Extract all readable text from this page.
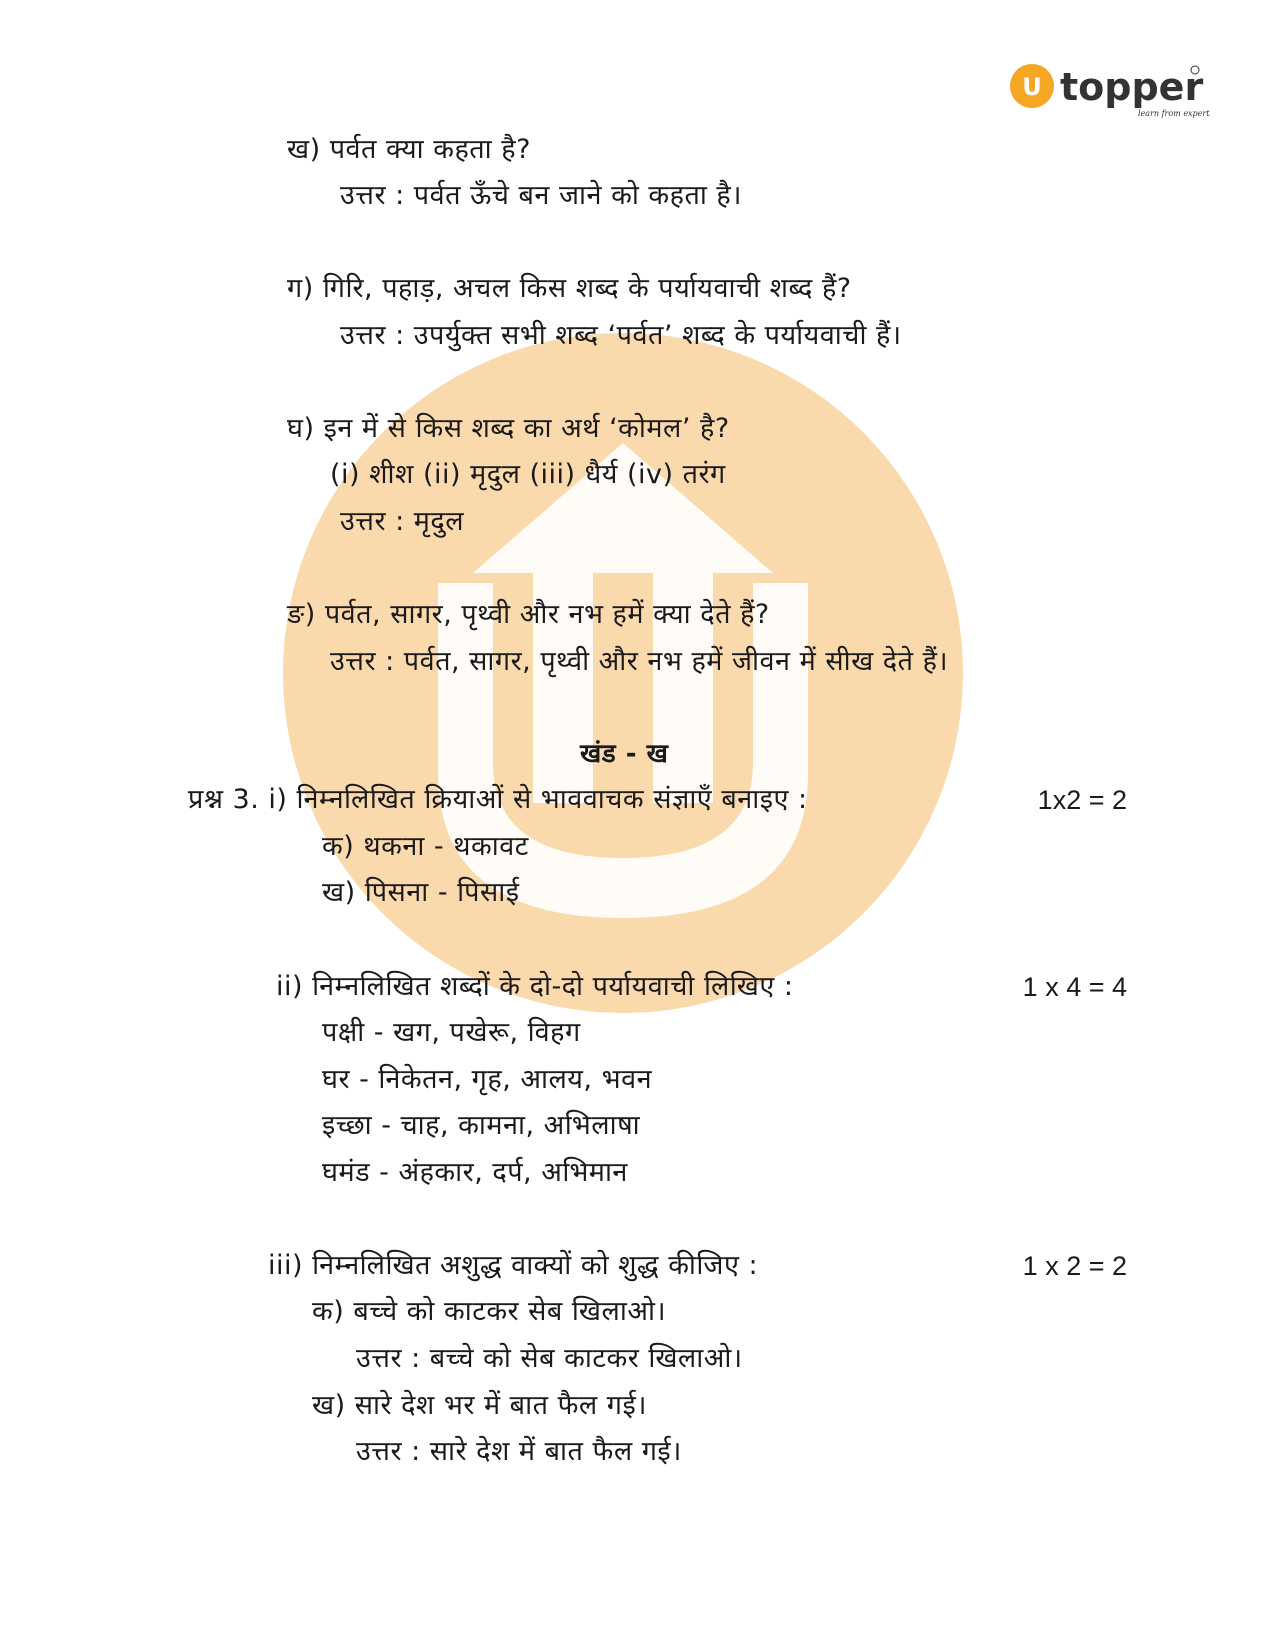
U topper
learn from experts
ख) पर्वत क्या कहता है?
उत्तर : पर्वत ऊँचे बन जाने को कहता है।
ग) गिरि, पहाड़, अचल किस शब्द के पर्यायवाची शब्द हैं?
उत्तर : उपर्युक्त सभी शब्द ‘पर्वत’ शब्द के पर्यायवाची हैं।
घ) इन में से किस शब्द का अर्थ ‘कोमल’ है?
(i) शीश (ii) मृदुल (iii) धैर्य (iv) तरंग
उत्तर : मृदुल
ङ) पर्वत, सागर, पृथ्वी और नभ हमें क्या देते हैं?
उत्तर : पर्वत, सागर, पृथ्वी और नभ हमें जीवन में सीख देते हैं।
खंड - ख
प्रश्न 3. i) निम्नलिखित क्रियाओं से भाववाचक संज्ञाएँ बनाइए :	1x2 = 2
क) थकना - थकावट
ख) पिसना - पिसाई
ii) निम्नलिखित शब्दों के दो-दो पर्यायवाची लिखिए :	1 x 4 = 4
पक्षी - खग, पखेरू, विहग
घर - निकेतन, गृह, आलय, भवन
इच्छा - चाह, कामना, अभिलाषा
घमंड - अंहकार, दर्प, अभिमान
iii) निम्नलिखित अशुद्ध वाक्यों को शुद्ध कीजिए :	1 x 2 = 2
क) बच्चे को काटकर सेब खिलाओ।
उत्तर : बच्चे को सेब काटकर खिलाओ।
ख) सारे देश भर में बात फैल गई।
उत्तर : सारे देश में बात फैल गई।
